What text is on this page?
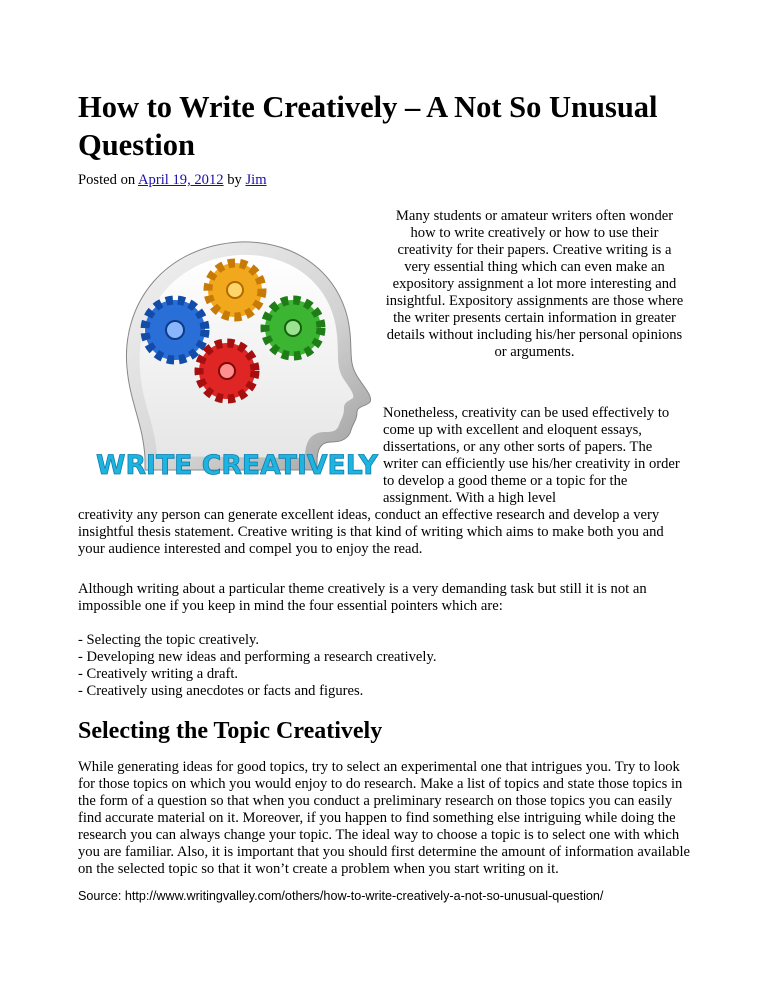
How to Write Creatively – A Not So Unusual Question
Posted on April 19, 2012 by Jim
WRITE CREATIVELY

Many students or amateur writers often wonder how to write creatively or how to use their creativity for their papers. Creative writing is a very essential thing which can even make an expository assignment a lot more interesting and insightful. Expository assignments are those where the writer presents certain information in greater details without including his/her personal opinions or arguments.

Nonetheless, creativity can be used effectively to come up with excellent and eloquent essays, dissertations, or any other sorts of papers. The writer can efficiently use his/her creativity in order to develop a good theme or a topic for the assignment. With a high level

creativity any person can generate excellent ideas, conduct an effective research and develop a very insightful thesis statement. Creative writing is that kind of writing which aims to make both you and your audience interested and compel you to enjoy the read.

Although writing about a particular theme creatively is a very demanding task but still it is not an impossible one if you keep in mind the four essential pointers which are:

- Selecting the topic creatively.
- Developing new ideas and performing a research creatively.
- Creatively writing a draft.
- Creatively using anecdotes or facts and figures.
Selecting the Topic Creatively

While generating ideas for good topics, try to select an experimental one that intrigues you. Try to look for those topics on which you would enjoy to do research. Make a list of topics and state those topics in the form of a question so that when you conduct a preliminary research on those topics you can easily find accurate material on it. Moreover, if you happen to find something else intriguing while doing the research you can always change your topic. The ideal way to choose a topic is to select one with which you are familiar. Also, it is important that you should first determine the amount of information available on the selected topic so that it won’t create a problem when you start writing on it.

Source: http://www.writingvalley.com/others/how-to-write-creatively-a-not-so-unusual-question/
